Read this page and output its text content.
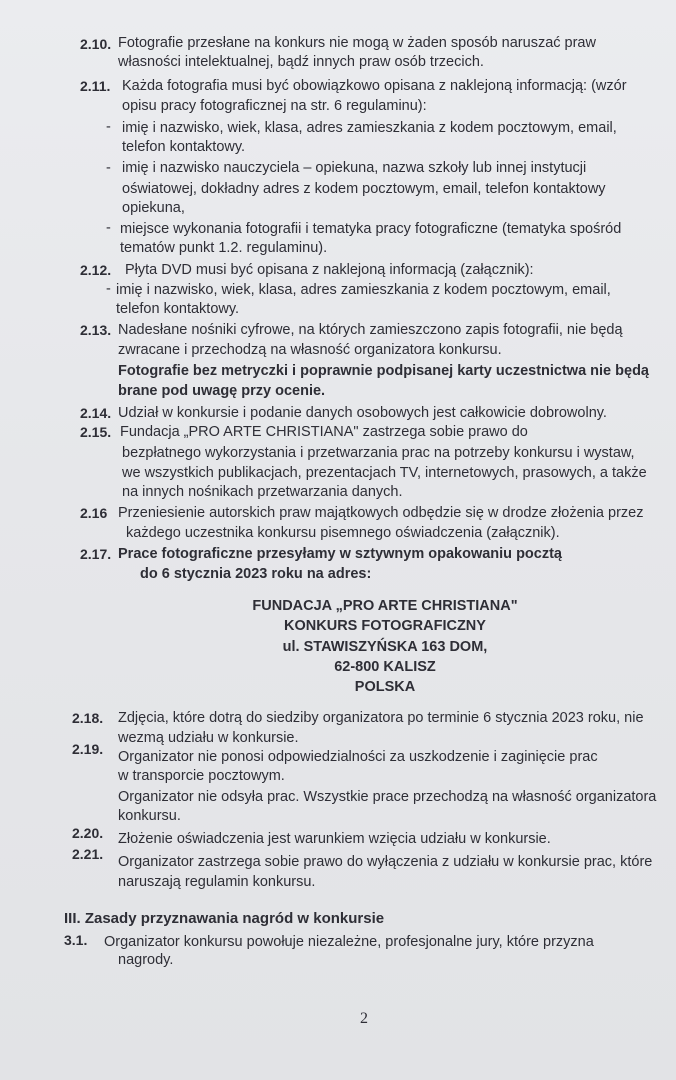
2.10. Fotografie przesłane na konkurs nie mogą w żaden sposób naruszać praw
własności intelektualnej, bądź innych praw osób trzecich.
2.11. Każda fotografia musi być obowiązkowo opisana z naklejoną informacją: (wzór
opisu pracy fotograficznej na str. 6 regulaminu):
- imię i nazwisko, wiek, klasa, adres zamieszkania z kodem pocztowym, email,
telefon kontaktowy.
- imię i nazwisko nauczyciela – opiekuna, nazwa szkoły lub innej instytucji
oświatowej, dokładny adres z kodem pocztowym, email, telefon kontaktowy
opiekuna,
- miejsce wykonania fotografii i tematyka pracy fotograficzne (tematyka spośród
tematów punkt 1.2. regulaminu).
2.12. Płyta DVD musi być opisana z naklejoną informacją (załącznik):
- imię i nazwisko, wiek, klasa, adres zamieszkania z kodem pocztowym, email,
telefon kontaktowy.
2.13. Nadesłane nośniki cyfrowe, na których zamieszczono zapis fotografii, nie będą
zwracane i przechodzą na własność organizatora konkursu.
Fotografie bez metryczki i poprawnie podpisanej karty uczestnictwa nie będą
brane pod uwagę przy ocenie.
2.14. Udział w konkursie i podanie danych osobowych jest całkowicie dobrowolny.
2.15. Fundacja „PRO ARTE CHRISTIANA" zastrzega sobie prawo do
bezpłatnego wykorzystania i przetwarzania prac na potrzeby konkursu i wystaw,
we wszystkich publikacjach, prezentacjach TV, internetowych, prasowych, a także
na innych nośnikach przetwarzania danych.
2.16 Przeniesienie autorskich praw majątkowych odbędzie się w drodze złożenia przez
każdego uczestnika konkursu pisemnego oświadczenia (załącznik).
2.17. Prace fotograficzne przesyłamy w sztywnym opakowaniu pocztą
do 6 stycznia 2023 roku na adres:
FUNDACJA „PRO ARTE CHRISTIANA"
KONKURS FOTOGRAFICZNY
ul. STAWISZYŃSKA 163 DOM,
62-800 KALISZ
POLSKA
2.18. Zdjęcia, które dotrą do siedziby organizatora po terminie 6 stycznia 2023 roku, nie
wezmą udziału w konkursie.
2.19. Organizator nie ponosi odpowiedzialności za uszkodzenie i zaginięcie prac
w transporcie pocztowym.
Organizator nie odsyła prac. Wszystkie prace przechodzą na własność organizatora
konkursu.
2.20. Złożenie oświadczenia jest warunkiem wzięcia udziału w konkursie.
2.21. Organizator zastrzega sobie prawo do wyłączenia z udziału w konkursie prac, które
naruszają regulamin konkursu.
III. Zasady przyznawania nagród w konkursie
3.1. Organizator konkursu powołuje niezależne, profesjonalne jury, które przyzna
nagrody.
2
